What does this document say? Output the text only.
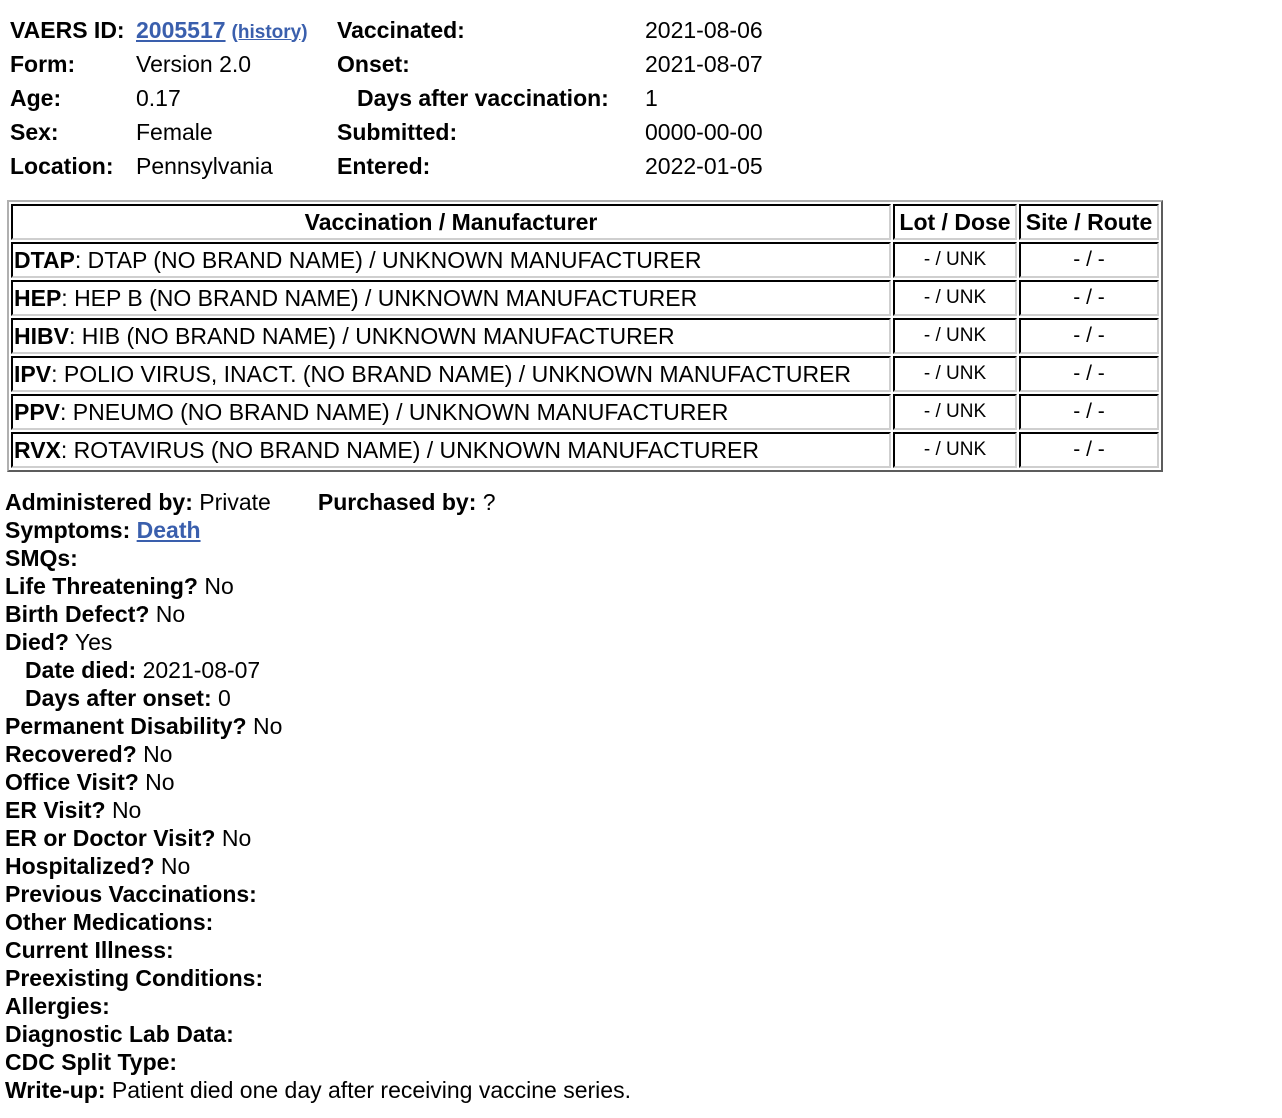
VAERS ID:	2005517 (history)	Vaccinated:	2021-08-06
Form:	Version 2.0	Onset:	2021-08-07
Age:	0.17	Days after vaccination:	1
Sex:	Female	Submitted:	0000-00-00
Location:	Pennsylvania	Entered:	2022-01-05
Vaccination / Manufacturer	Lot / Dose	Site / Route
DTAP: DTAP (NO BRAND NAME) / UNKNOWN MANUFACTURER	- / UNK	- / -
HEP: HEP B (NO BRAND NAME) / UNKNOWN MANUFACTURER	- / UNK	- / -
HIBV: HIB (NO BRAND NAME) / UNKNOWN MANUFACTURER	- / UNK	- / -
IPV: POLIO VIRUS, INACT. (NO BRAND NAME) / UNKNOWN MANUFACTURER	- / UNK	- / -
PPV: PNEUMO (NO BRAND NAME) / UNKNOWN MANUFACTURER	- / UNK	- / -
RVX: ROTAVIRUS (NO BRAND NAME) / UNKNOWN MANUFACTURER	- / UNK	- / -
Administered by: Private Purchased by: ?
Symptoms: Death
SMQs:
Life Threatening? No
Birth Defect? No
Died? Yes
Date died: 2021-08-07
Days after onset: 0
Permanent Disability? No
Recovered? No
Office Visit? No
ER Visit? No
ER or Doctor Visit? No
Hospitalized? No
Previous Vaccinations:
Other Medications:
Current Illness:
Preexisting Conditions:
Allergies:
Diagnostic Lab Data:
CDC Split Type:
Write-up: Patient died one day after receiving vaccine series.
